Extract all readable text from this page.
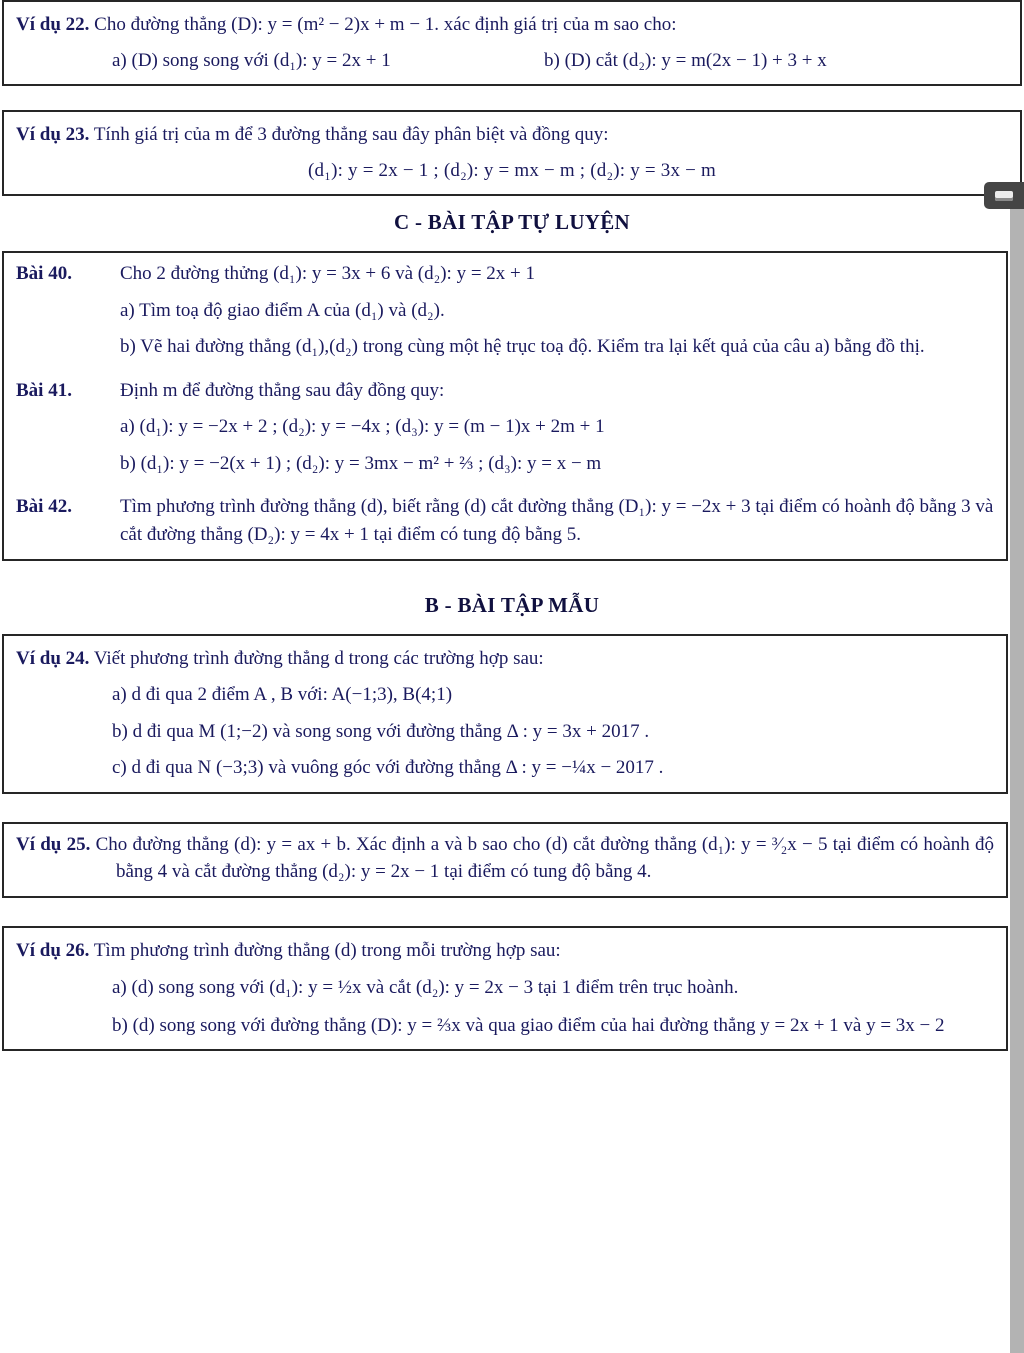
Ví dụ 22. Cho đường thẳng (D): y = (m² − 2)x + m − 1. xác định giá trị của m sao cho:

a) (D) song song với (d₁): y = 2x + 1	b) (D) cắt (d₂): y = m(2x − 1) + 3 + x

Ví dụ 23. Tính giá trị của m để 3 đường thẳng sau đây phân biệt và đồng quy:

(d₁): y = 2x − 1 ; (d₂): y = mx − m ; (d₂): y = 3x − m
C - BÀI TẬP TỰ LUYỆN
Bài 40.	Cho 2 đường thửng (d₁): y = 3x + 6 và (d₂): y = 2x + 1

a) Tìm toạ độ giao điểm A của (d₁) và (d₂).

b) Vẽ hai đường thẳng (d₁),(d₂) trong cùng một hệ trục toạ độ. Kiểm tra lại kết quả của câu a) bằng đồ thị.

Bài 41.	Định m để đường thẳng sau đây đồng quy:

a) (d₁): y = −2x + 2 ; (d₂): y = −4x ; (d₃): y = (m − 1)x + 2m + 1

b) (d₁): y = −2(x + 1) ; (d₂): y = 3mx − m² + ⅔ ; (d₃): y = x − m

Bài 42.	Tìm phương trình đường thẳng (d), biết rằng (d) cắt đường thẳng (D₁): y = −2x + 3 tại điểm có hoành độ bằng 3 và cắt đường thẳng (D₂): y = 4x + 1 tại điểm có tung độ bằng 5.

B - BÀI TẬP MẪU

Ví dụ 24. Viết phương trình đường thẳng d trong các trường hợp sau:

a) d đi qua 2 điểm A , B với: A(−1;3), B(4;1)

b) d đi qua M (1;−2) và song song với đường thẳng Δ : y = 3x + 2017 .

c) d đi qua N (−3;3) và vuông góc với đường thẳng Δ : y = −¼x − 2017 .

Ví dụ 25. Cho đường thẳng (d): y = ax + b. Xác định a và b sao cho (d) cắt đường thẳng (d₁): y = ³⁄₂x − 5 tại điểm có hoành độ bằng 4 và cắt đường thẳng (d₂): y = 2x − 1 tại điểm có tung độ bằng 4.

Ví dụ 26. Tìm phương trình đường thẳng (d) trong mỗi trường hợp sau:

a) (d) song song với (d₁): y = ½x và cắt (d₂): y = 2x − 3 tại 1 điểm trên trục hoành.

b) (d) song song với đường thẳng (D): y = ⅔x và qua giao điểm của hai đường thẳng y = 2x + 1 và y = 3x − 2
